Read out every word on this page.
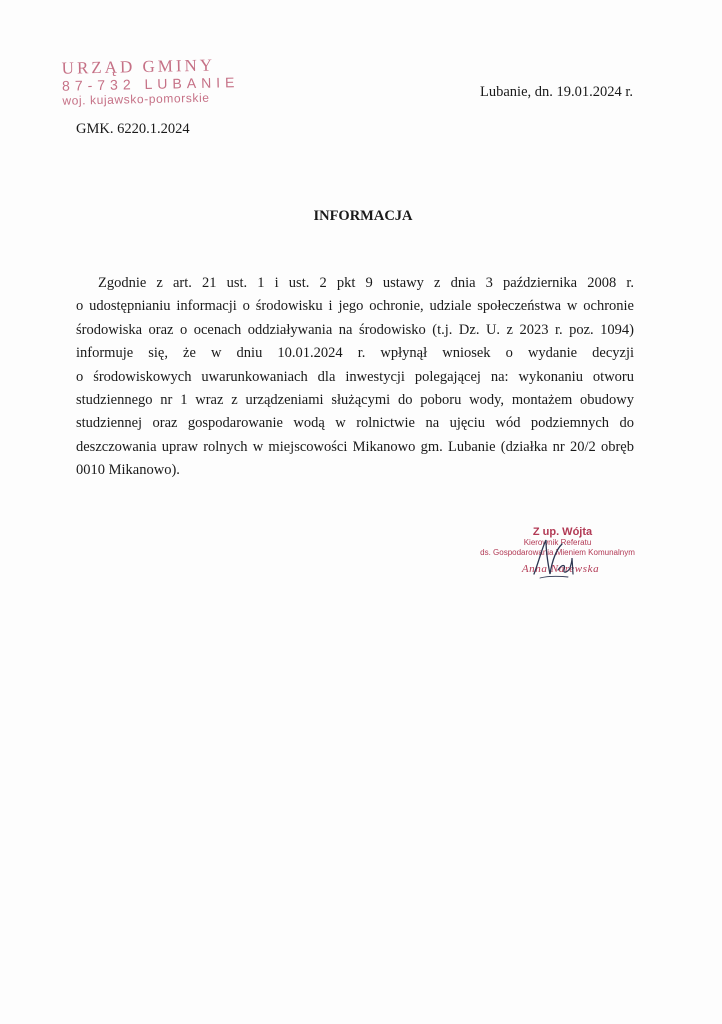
URZĄD GMINY
87-732 LUBANIE
woj. kujawsko-pomorskie	Lubanie, dn. 19.01.2024 r.
GMK. 6220.1.2024
INFORMACJA
Zgodnie z art. 21 ust. 1 i ust. 2 pkt 9 ustawy z dnia 3 października 2008 r.
o udostępnianiu informacji o środowisku i jego ochronie, udziale społeczeństwa w ochronie
środowiska oraz o ocenach oddziaływania na środowisko (t.j. Dz. U. z 2023 r. poz. 1094)
informuje się, że w dniu 10.01.2024 r. wpłynął wniosek o wydanie decyzji
o środowiskowych uwarunkowaniach dla inwestycji polegającej na: wykonaniu otworu
studziennego nr 1 wraz z urządzeniami służącymi do poboru wody, montażem obudowy
studziennej oraz gospodarowanie wodą w rolnictwie na ujęciu wód podziemnych do
deszczowania upraw rolnych w miejscowości Mikanowo gm. Lubanie (działka nr 20/2 obręb
0010 Mikanowo).
Z up. Wójta
Kierownik Referatu
ds. Gospodarowania Mieniem Komunalnym
Anna Narewska
